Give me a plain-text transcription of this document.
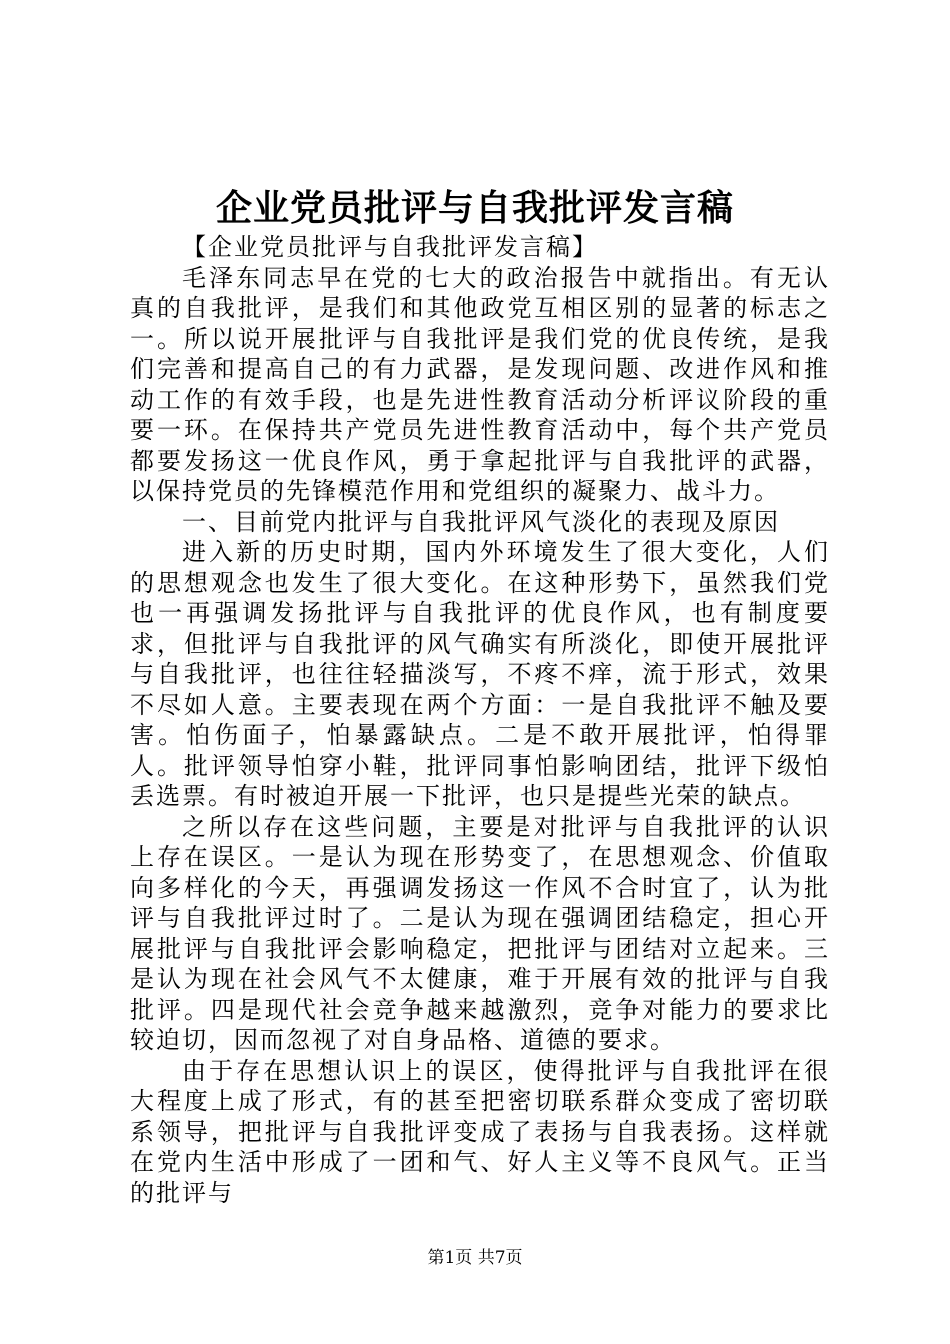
企业党员批评与自我批评发言稿

【企业党员批评与自我批评发言稿】

毛泽东同志早在党的七大的政治报告中就指出。有无认真的自我批评，是我们和其他政党互相区别的显著的标志之一。所以说开展批评与自我批评是我们党的优良传统，是我们完善和提高自己的有力武器，是发现问题、改进作风和推动工作的有效手段，也是先进性教育活动分析评议阶段的重要一环。在保持共产党员先进性教育活动中，每个共产党员都要发扬这一优良作风，勇于拿起批评与自我批评的武器，以保持党员的先锋模范作用和党组织的凝聚力、战斗力。

一、目前党内批评与自我批评风气淡化的表现及原因

进入新的历史时期，国内外环境发生了很大变化，人们的思想观念也发生了很大变化。在这种形势下，虽然我们党也一再强调发扬批评与自我批评的优良作风，也有制度要求，但批评与自我批评的风气确实有所淡化，即使开展批评与自我批评，也往往轻描淡写，不疼不痒，流于形式，效果不尽如人意。主要表现在两个方面：一是自我批评不触及要害。怕伤面子，怕暴露缺点。二是不敢开展批评，怕得罪人。批评领导怕穿小鞋，批评同事怕影响团结，批评下级怕丢选票。有时被迫开展一下批评，也只是提些光荣的缺点。

之所以存在这些问题，主要是对批评与自我批评的认识上存在误区。一是认为现在形势变了，在思想观念、价值取向多样化的今天，再强调发扬这一作风不合时宜了，认为批评与自我批评过时了。二是认为现在强调团结稳定，担心开展批评与自我批评会影响稳定，把批评与团结对立起来。三是认为现在社会风气不太健康，难于开展有效的批评与自我批评。四是现代社会竞争越来越激烈，竞争对能力的要求比较迫切，因而忽视了对自身品格、道德的要求。

由于存在思想认识上的误区，使得批评与自我批评在很大程度上成了形式，有的甚至把密切联系群众变成了密切联系领导，把批评与自我批评变成了表扬与自我表扬。这样就在党内生活中形成了一团和气、好人主义等不良风气。正当的批评与

第1页 共7页
